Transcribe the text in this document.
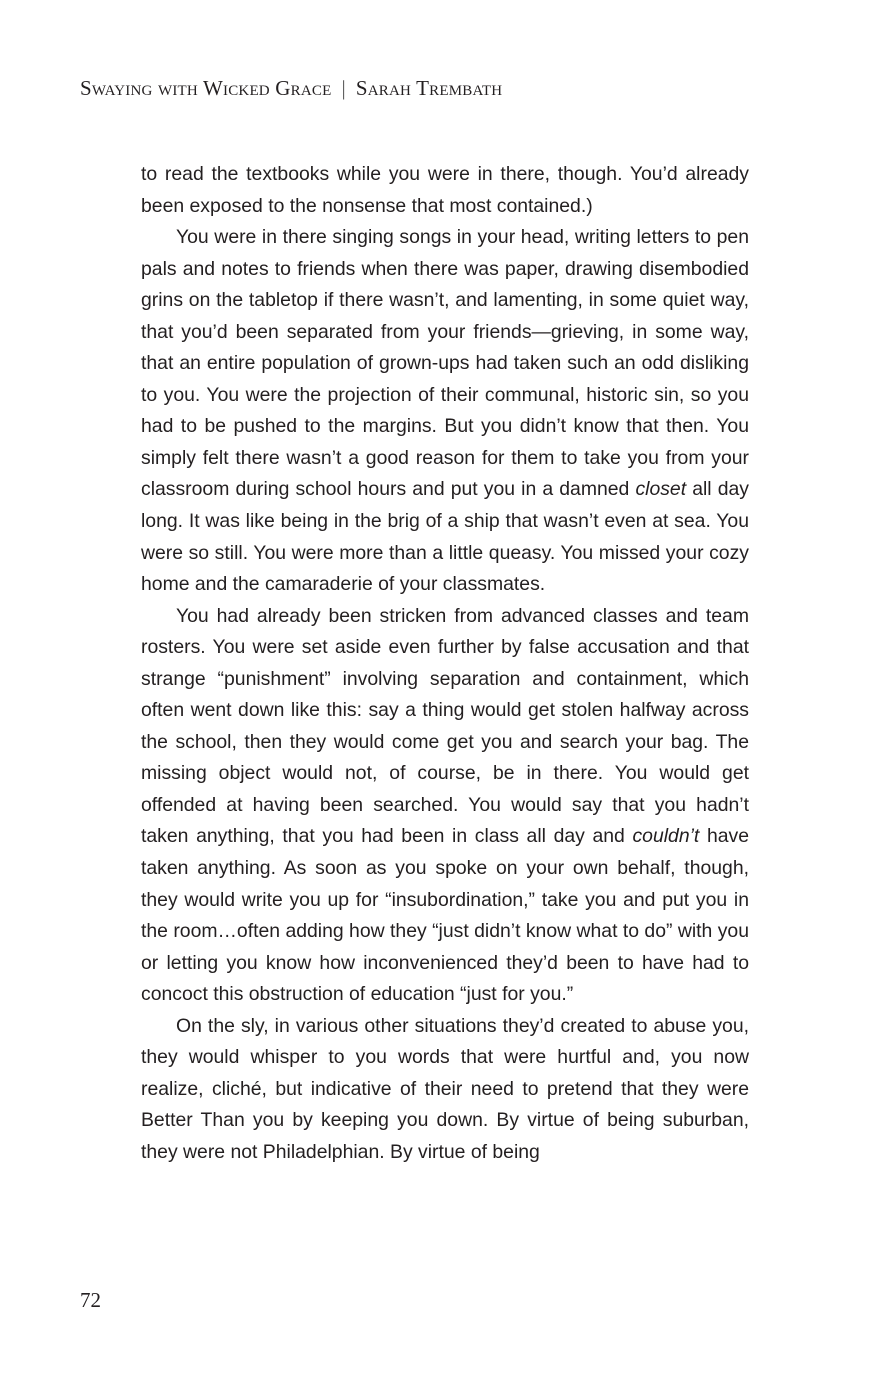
Swaying with Wicked Grace | Sarah Trembath

to read the textbooks while you were in there, though. You’d already been exposed to the nonsense that most contained.)

You were in there singing songs in your head, writing letters to pen pals and notes to friends when there was paper, drawing disembodied grins on the tabletop if there wasn’t, and lamenting, in some quiet way, that you’d been separated from your friends—grieving, in some way, that an entire population of grown-ups had taken such an odd disliking to you. You were the projection of their communal, historic sin, so you had to be pushed to the margins. But you didn’t know that then. You simply felt there wasn’t a good reason for them to take you from your classroom during school hours and put you in a damned closet all day long. It was like being in the brig of a ship that wasn’t even at sea. You were so still. You were more than a little queasy. You missed your cozy home and the camaraderie of your classmates.

You had already been stricken from advanced classes and team rosters. You were set aside even further by false accusation and that strange “punishment” involving separation and containment, which often went down like this: say a thing would get stolen halfway across the school, then they would come get you and search your bag. The missing object would not, of course, be in there. You would get offended at having been searched. You would say that you hadn’t taken anything, that you had been in class all day and couldn’t have taken anything. As soon as you spoke on your own behalf, though, they would write you up for “insubordination,” take you and put you in the room…often adding how they “just didn’t know what to do” with you or letting you know how inconvenienced they’d been to have had to concoct this obstruction of education “just for you.”

On the sly, in various other situations they’d created to abuse you, they would whisper to you words that were hurtful and, you now realize, cliché, but indicative of their need to pretend that they were Better Than you by keeping you down. By virtue of being suburban, they were not Philadelphian. By virtue of being

72
